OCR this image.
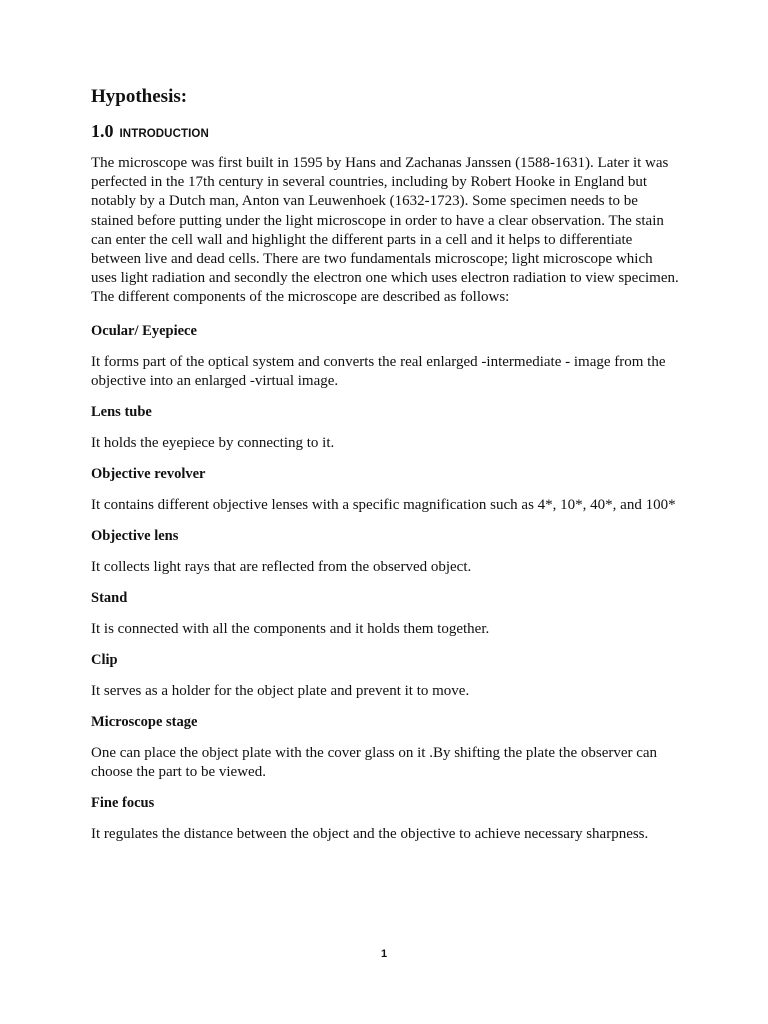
Hypothesis:
1.0 INTRODUCTION

The microscope was first built in 1595 by Hans and Zachanas Janssen (1588-1631). Later it was perfected in the 17th century in several countries, including by Robert Hooke in England but notably by a Dutch man, Anton van Leuwenhoek (1632-1723). Some specimen needs to be stained before putting under the light microscope in order to have a clear observation. The stain can enter the cell wall and highlight the different parts in a cell and it helps to differentiate between live and dead cells. There are two fundamentals microscope; light microscope which uses light radiation and secondly the electron one which uses electron radiation to view specimen. The different components of the microscope are described as follows:

Ocular/ Eyepiece
It forms part of the optical system and converts the real enlarged -intermediate - image from the objective into an enlarged -virtual image.
Lens tube
It holds the eyepiece by connecting to it.
Objective revolver
It contains different objective lenses with a specific magnification such as 4*, 10*, 40*, and 100*
Objective lens
It collects light rays that are reflected from the observed object.
Stand
It is connected with all the components and it holds them together.
Clip
It serves as a holder for the object plate and prevent it to move.
Microscope stage
One can place the object plate with the cover glass on it .By shifting the plate the observer can choose the part to be viewed.
Fine focus
It regulates the distance between the object and the objective to achieve necessary sharpness.
1
